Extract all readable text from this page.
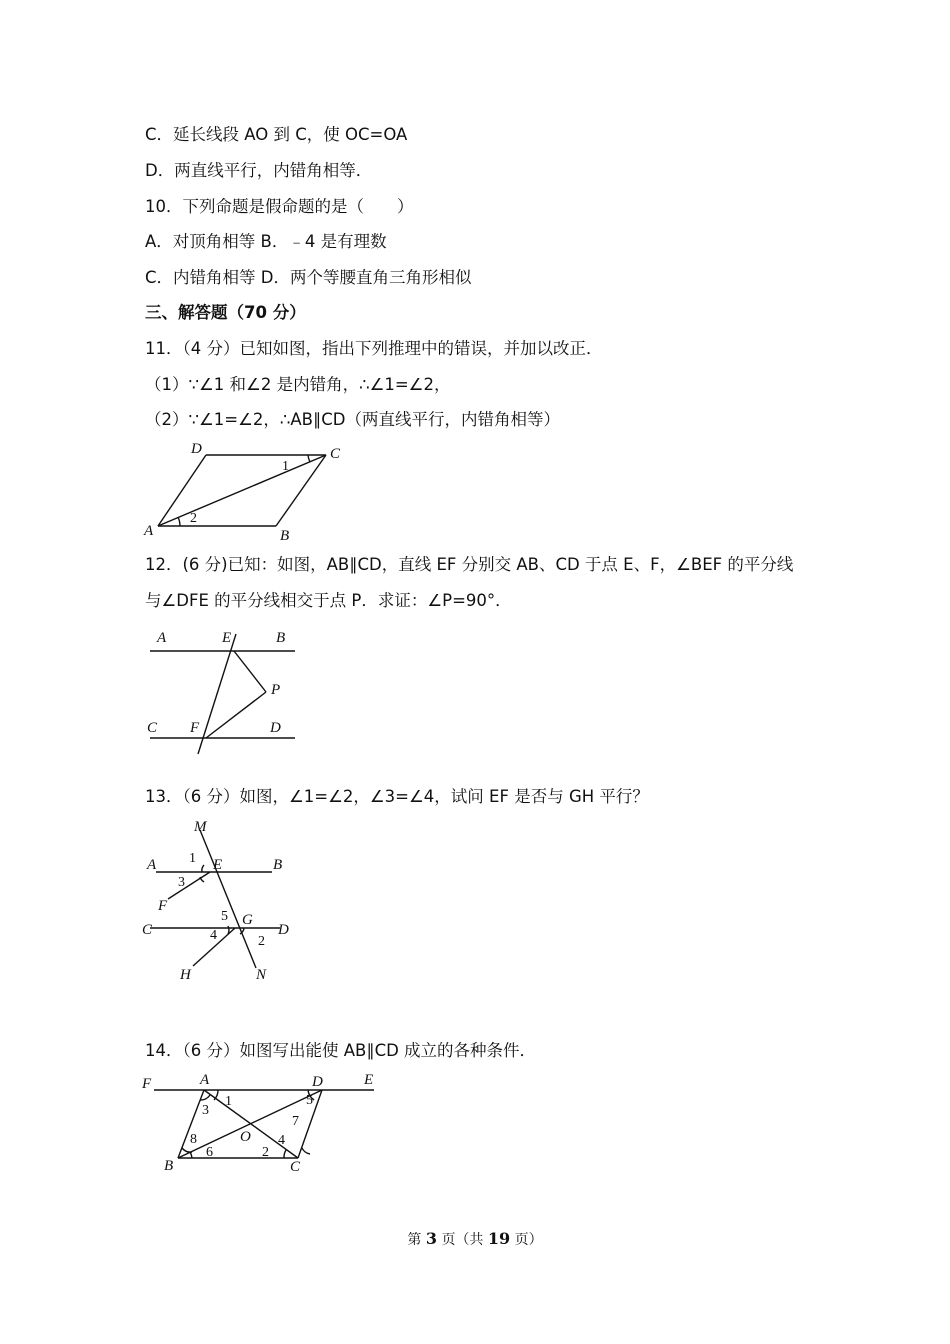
C．延长线段 AO 到 C，使 OC=OA
D．两直线平行，内错角相等．
10．下列命题是假命题的是（　　）
A．对顶角相等 B．﹣4 是有理数
C．内错角相等 D．两个等腰直角三角形相似
三、解答题（70 分）
11．（4 分）已知如图，指出下列推理中的错误，并加以改正．
（1）∵∠1 和∠2 是内错角，∴∠1=∠2，
（2）∵∠1=∠2，∴AB∥CD（两直线平行，内错角相等）
A	B
C
D
1
2
12．(6 分)已知：如图，AB∥CD，直线 EF 分别交 AB、CD 于点 E、F，∠BEF 的平分线
与∠DFE 的平分线相交于点 P．求证：∠P=90°．
A	E	B
P
C F	D
13．（6 分）如图，∠1=∠2，∠3=∠4，试问 EF 是否与 GH 平行？
M
A 1 E	B
3
F
5 G
C	4	D
2
H	N
14．（6 分）如图写出能使 AB∥CD 成立的各种条件．
F	A	D	E
3
1	5
7
8	O 4
B
6	2
C
第 3 页（共 19 页）
